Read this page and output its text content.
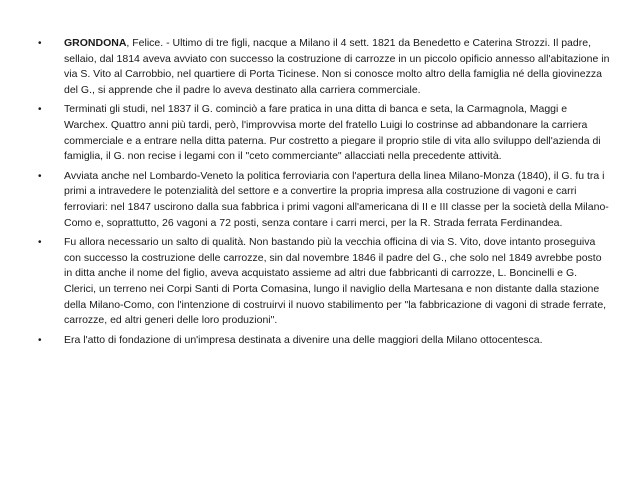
• GRONDONA, Felice. - Ultimo di tre figli, nacque a Milano il 4 sett. 1821 da Benedetto e Caterina Strozzi. Il padre, sellaio, dal 1814 aveva avviato con successo la costruzione di carrozze in un piccolo opificio annesso all'abitazione in via S. Vito al Carrobbio, nel quartiere di Porta Ticinese. Non si conosce molto altro della famiglia né della giovinezza del G., si apprende che il padre lo aveva destinato alla carriera commerciale.
• Terminati gli studi, nel 1837 il G. cominciò a fare pratica in una ditta di banca e seta, la Carmagnola, Maggi e Warchex. Quattro anni più tardi, però, l'improvvisa morte del fratello Luigi lo costrinse ad abbandonare la carriera commerciale e a entrare nella ditta paterna. Pur costretto a piegare il proprio stile di vita allo sviluppo dell'azienda di famiglia, il G. non recise i legami con il "ceto commerciante" allacciati nella precedente attività.
• Avviata anche nel Lombardo-Veneto la politica ferroviaria con l'apertura della linea Milano-Monza (1840), il G. fu tra i primi a intravedere le potenzialità del settore e a convertire la propria impresa alla costruzione di vagoni e carri ferroviari: nel 1847 uscirono dalla sua fabbrica i primi vagoni all'americana di II e III classe per la società della Milano-Como e, soprattutto, 26 vagoni a 72 posti, senza contare i carri merci, per la R. Strada ferrata Ferdinandea.
• Fu allora necessario un salto di qualità. Non bastando più la vecchia officina di via S. Vito, dove intanto proseguiva con successo la costruzione delle carrozze, sin dal novembre 1846 il padre del G., che solo nel 1849 avrebbe posto in ditta anche il nome del figlio, aveva acquistato assieme ad altri due fabbricanti di carrozze, L. Boncinelli e G. Clerici, un terreno nei Corpi Santi di Porta Comasina, lungo il naviglio della Martesana e non distante dalla stazione della Milano-Como, con l'intenzione di costruirvi il nuovo stabilimento per "la fabbricazione di vagoni di strade ferrate, carrozze, ed altri generi delle loro produzioni".
• Era l'atto di fondazione di un'impresa destinata a divenire una delle maggiori della Milano ottocentesca.
